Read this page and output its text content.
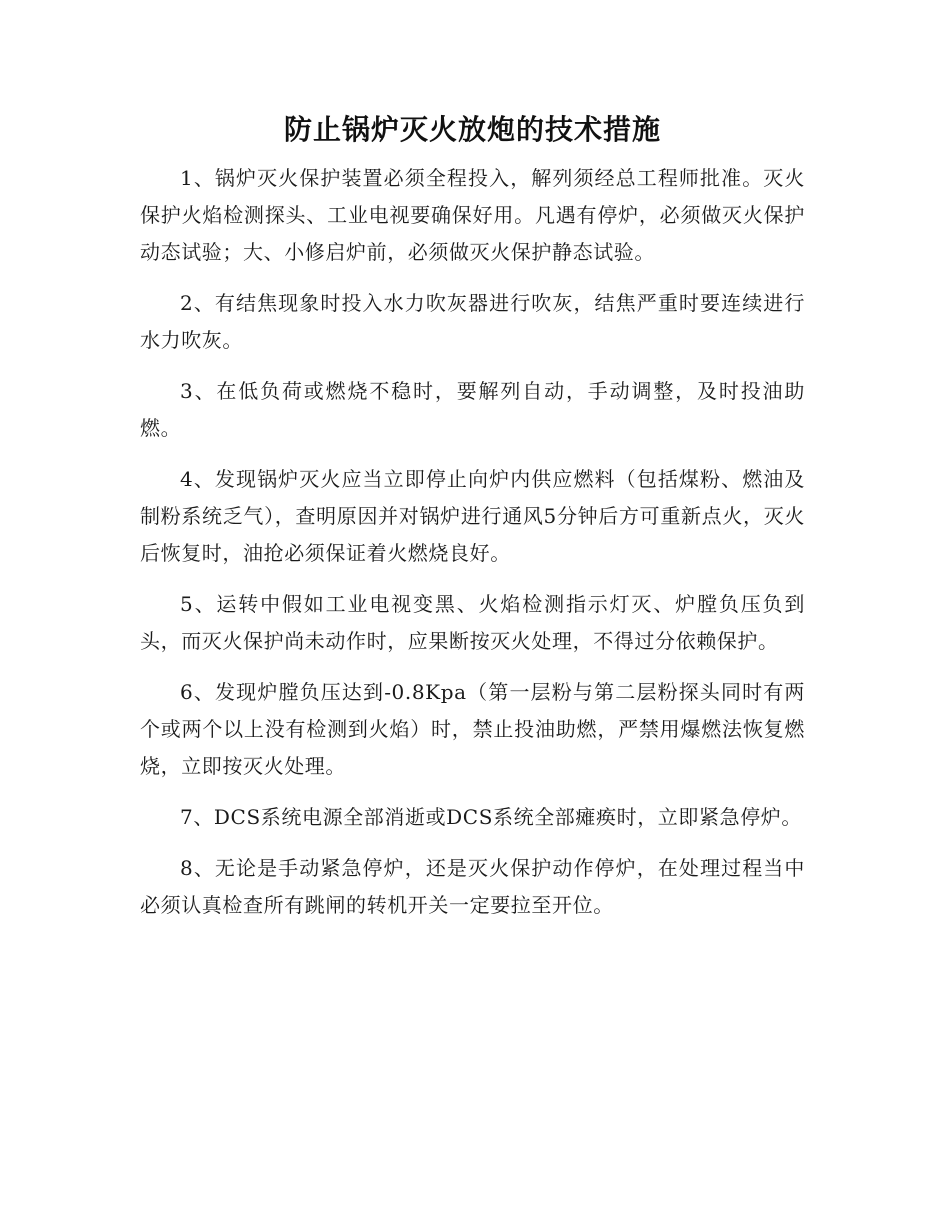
防止锅炉灭火放炮的技术措施

1、锅炉灭火保护装置必须全程投入，解列须经总工程师批准。灭火保护火焰检测探头、工业电视要确保好用。凡遇有停炉，必须做灭火保护动态试验；大、小修启炉前，必须做灭火保护静态试验。

2、有结焦现象时投入水力吹灰器进行吹灰，结焦严重时要连续进行水力吹灰。

3、在低负荷或燃烧不稳时，要解列自动，手动调整，及时投油助燃。

4、发现锅炉灭火应当立即停止向炉内供应燃料（包括煤粉、燃油及制粉系统乏气），查明原因并对锅炉进行通风5分钟后方可重新点火，灭火后恢复时，油抢必须保证着火燃烧良好。

5、运转中假如工业电视变黑、火焰检测指示灯灭、炉膛负压负到头，而灭火保护尚未动作时，应果断按灭火处理，不得过分依赖保护。

6、发现炉膛负压达到-0.8Kpa（第一层粉与第二层粉探头同时有两个或两个以上没有检测到火焰）时，禁止投油助燃，严禁用爆燃法恢复燃烧，立即按灭火处理。

7、DCS系统电源全部消逝或DCS系统全部瘫痪时，立即紧急停炉。

8、无论是手动紧急停炉，还是灭火保护动作停炉，在处理过程当中必须认真检查所有跳闸的转机开关一定要拉至开位。
